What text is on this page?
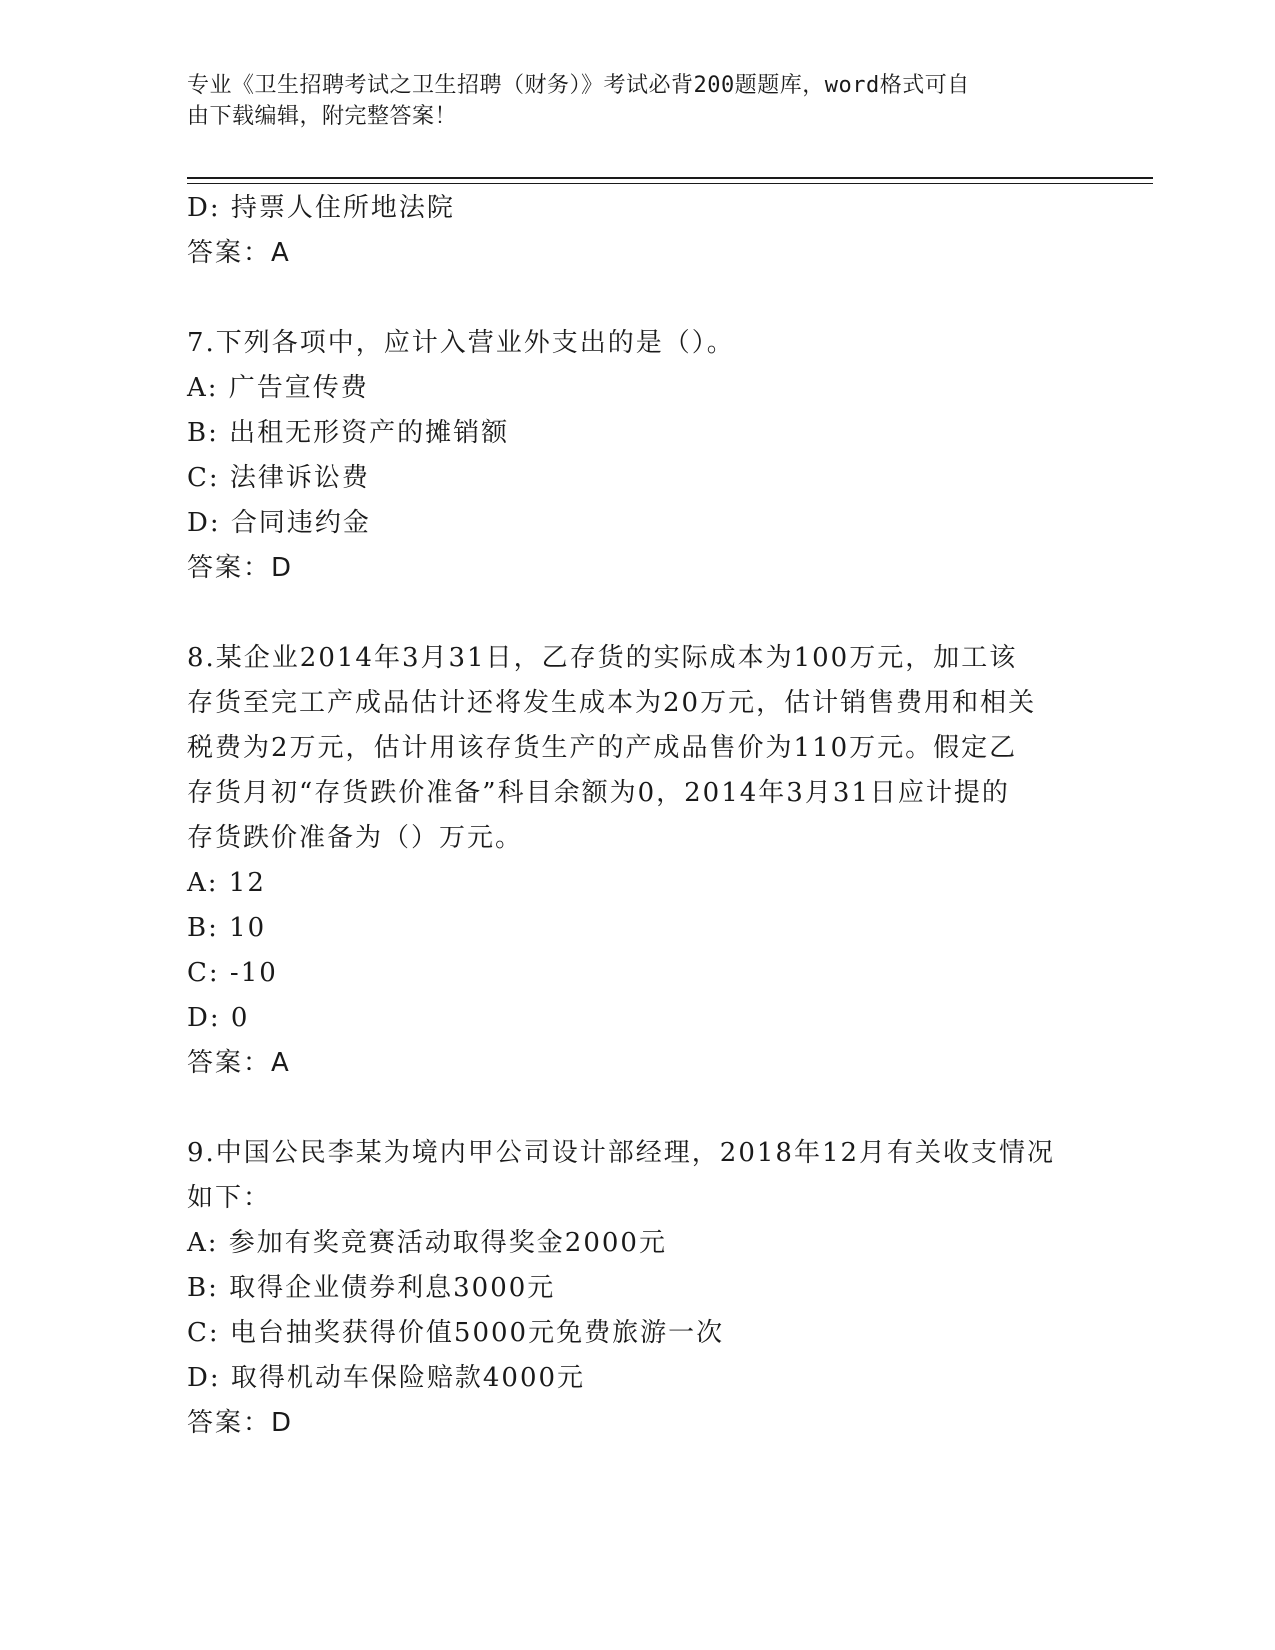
专业《卫生招聘考试之卫生招聘（财务）》考试必背200题题库，word格式可自
由下载编辑，附完整答案！

D: 持票人住所地法院

答案：A

7.下列各项中，应计入营业外支出的是（）。

A: 广告宣传费

B: 出租无形资产的摊销额

C: 法律诉讼费

D: 合同违约金

答案：D

8.某企业2014年3月31日，乙存货的实际成本为100万元，加工该

存货至完工产成品估计还将发生成本为20万元，估计销售费用和相关

税费为2万元，估计用该存货生产的产成品售价为110万元。假定乙

存货月初“存货跌价准备”科目余额为0，2014年3月31日应计提的

存货跌价准备为（）万元。

A: 12

B: 10

C: -10

D: 0

答案：A

9.中国公民李某为境内甲公司设计部经理，2018年12月有关收支情况

如下：

A: 参加有奖竞赛活动取得奖金2000元

B: 取得企业债券利息3000元

C: 电台抽奖获得价值5000元免费旅游一次

D: 取得机动车保险赔款4000元

答案：D
